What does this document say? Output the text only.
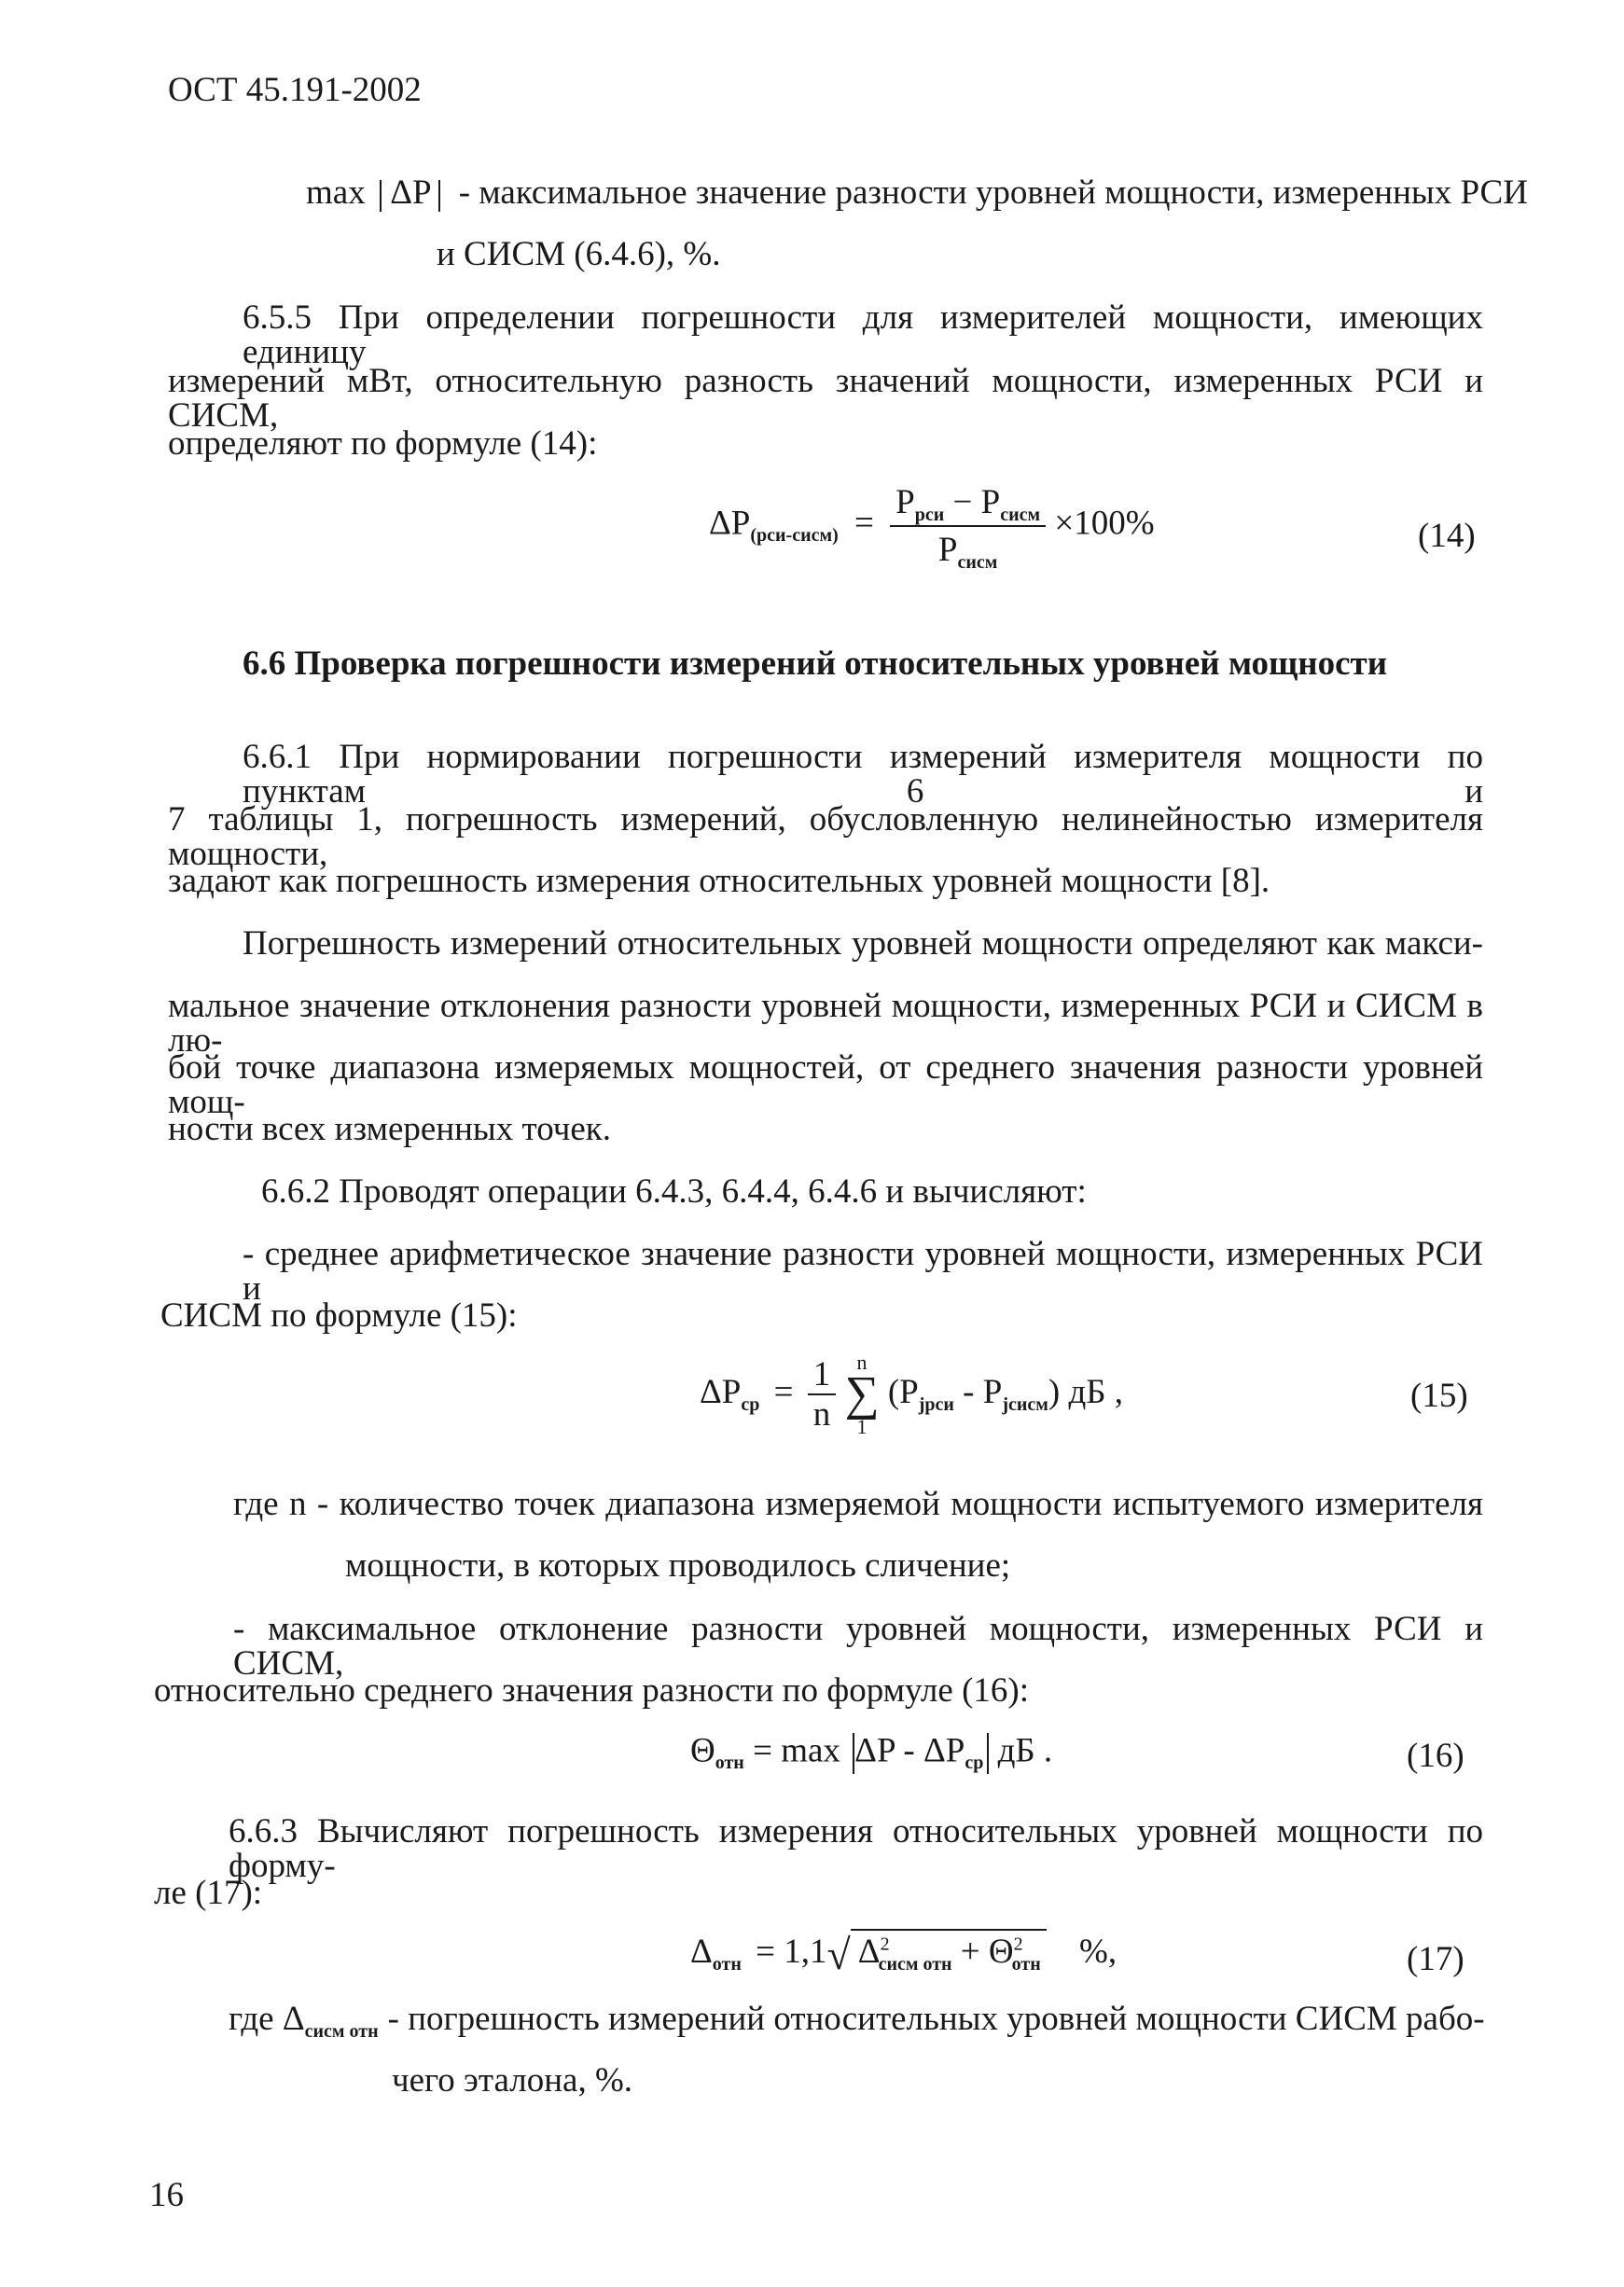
ОСТ 45.191-2002
max ΔP - максимальное значение разности уровней мощности, измеренных РСИ
и СИСМ (6.4.6), %.
6.5.5 При определении погрешности для измерителей мощности, имеющих единицу
измерений мВт, относительную разность значений мощности, измеренных РСИ и СИСМ,
определяют по формуле (14):
$\Delta P_{(рси-сисм)} = \frac{P_{рси} - P_{сисм}}{P_{сисм}} \times 100\%$	(14)
6.6 Проверка погрешности измерений относительных уровней мощности
6.6.1 При нормировании погрешности измерений измерителя мощности по пунктам 6 и
7 таблицы 1, погрешность измерений, обусловленную нелинейностью измерителя мощности,
задают как погрешность измерения относительных уровней мощности [8].
Погрешность измерений относительных уровней мощности определяют как макси-
мальное значение отклонения разности уровней мощности, измеренных РСИ и СИСМ в лю-
бой точке диапазона измеряемых мощностей, от среднего значения разности уровней мощ-
ности всех измеренных точек.
6.6.2 Проводят операции 6.4.3, 6.4.4, 6.4.6 и вычисляют:
- среднее арифметическое значение разности уровней мощности, измеренных РСИ и
СИСМ по формуле (15):
$\Delta P_{ср} = \frac{1}{n}$
	n
∑
1
$(P_{jрси} - P_{jсисм})$ дБ ,	(15)
где n - количество точек диапазона измеряемой мощности испытуемого измерителя
мощности, в которых проводилось сличение;
- максимальное отклонение разности уровней мощности, измеренных РСИ и СИСМ,
относительно среднего значения разности по формуле (16):
$\Theta_{отн} = \max \Delta P - \Delta P_{ср}$ дБ .	(16)
6.6.3 Вычисляют погрешность измерения относительных уровней мощности по форму-
ле (17):
$\Delta_{отн} = 1,1√$ $\Delta^2_{сисм отн} + \Theta^2_{отн}$ %,	(17)
где $\Delta_{сисм отн}$ - погрешность измерений относительных уровней мощности СИСМ рабо-
чего эталона, %.
16
